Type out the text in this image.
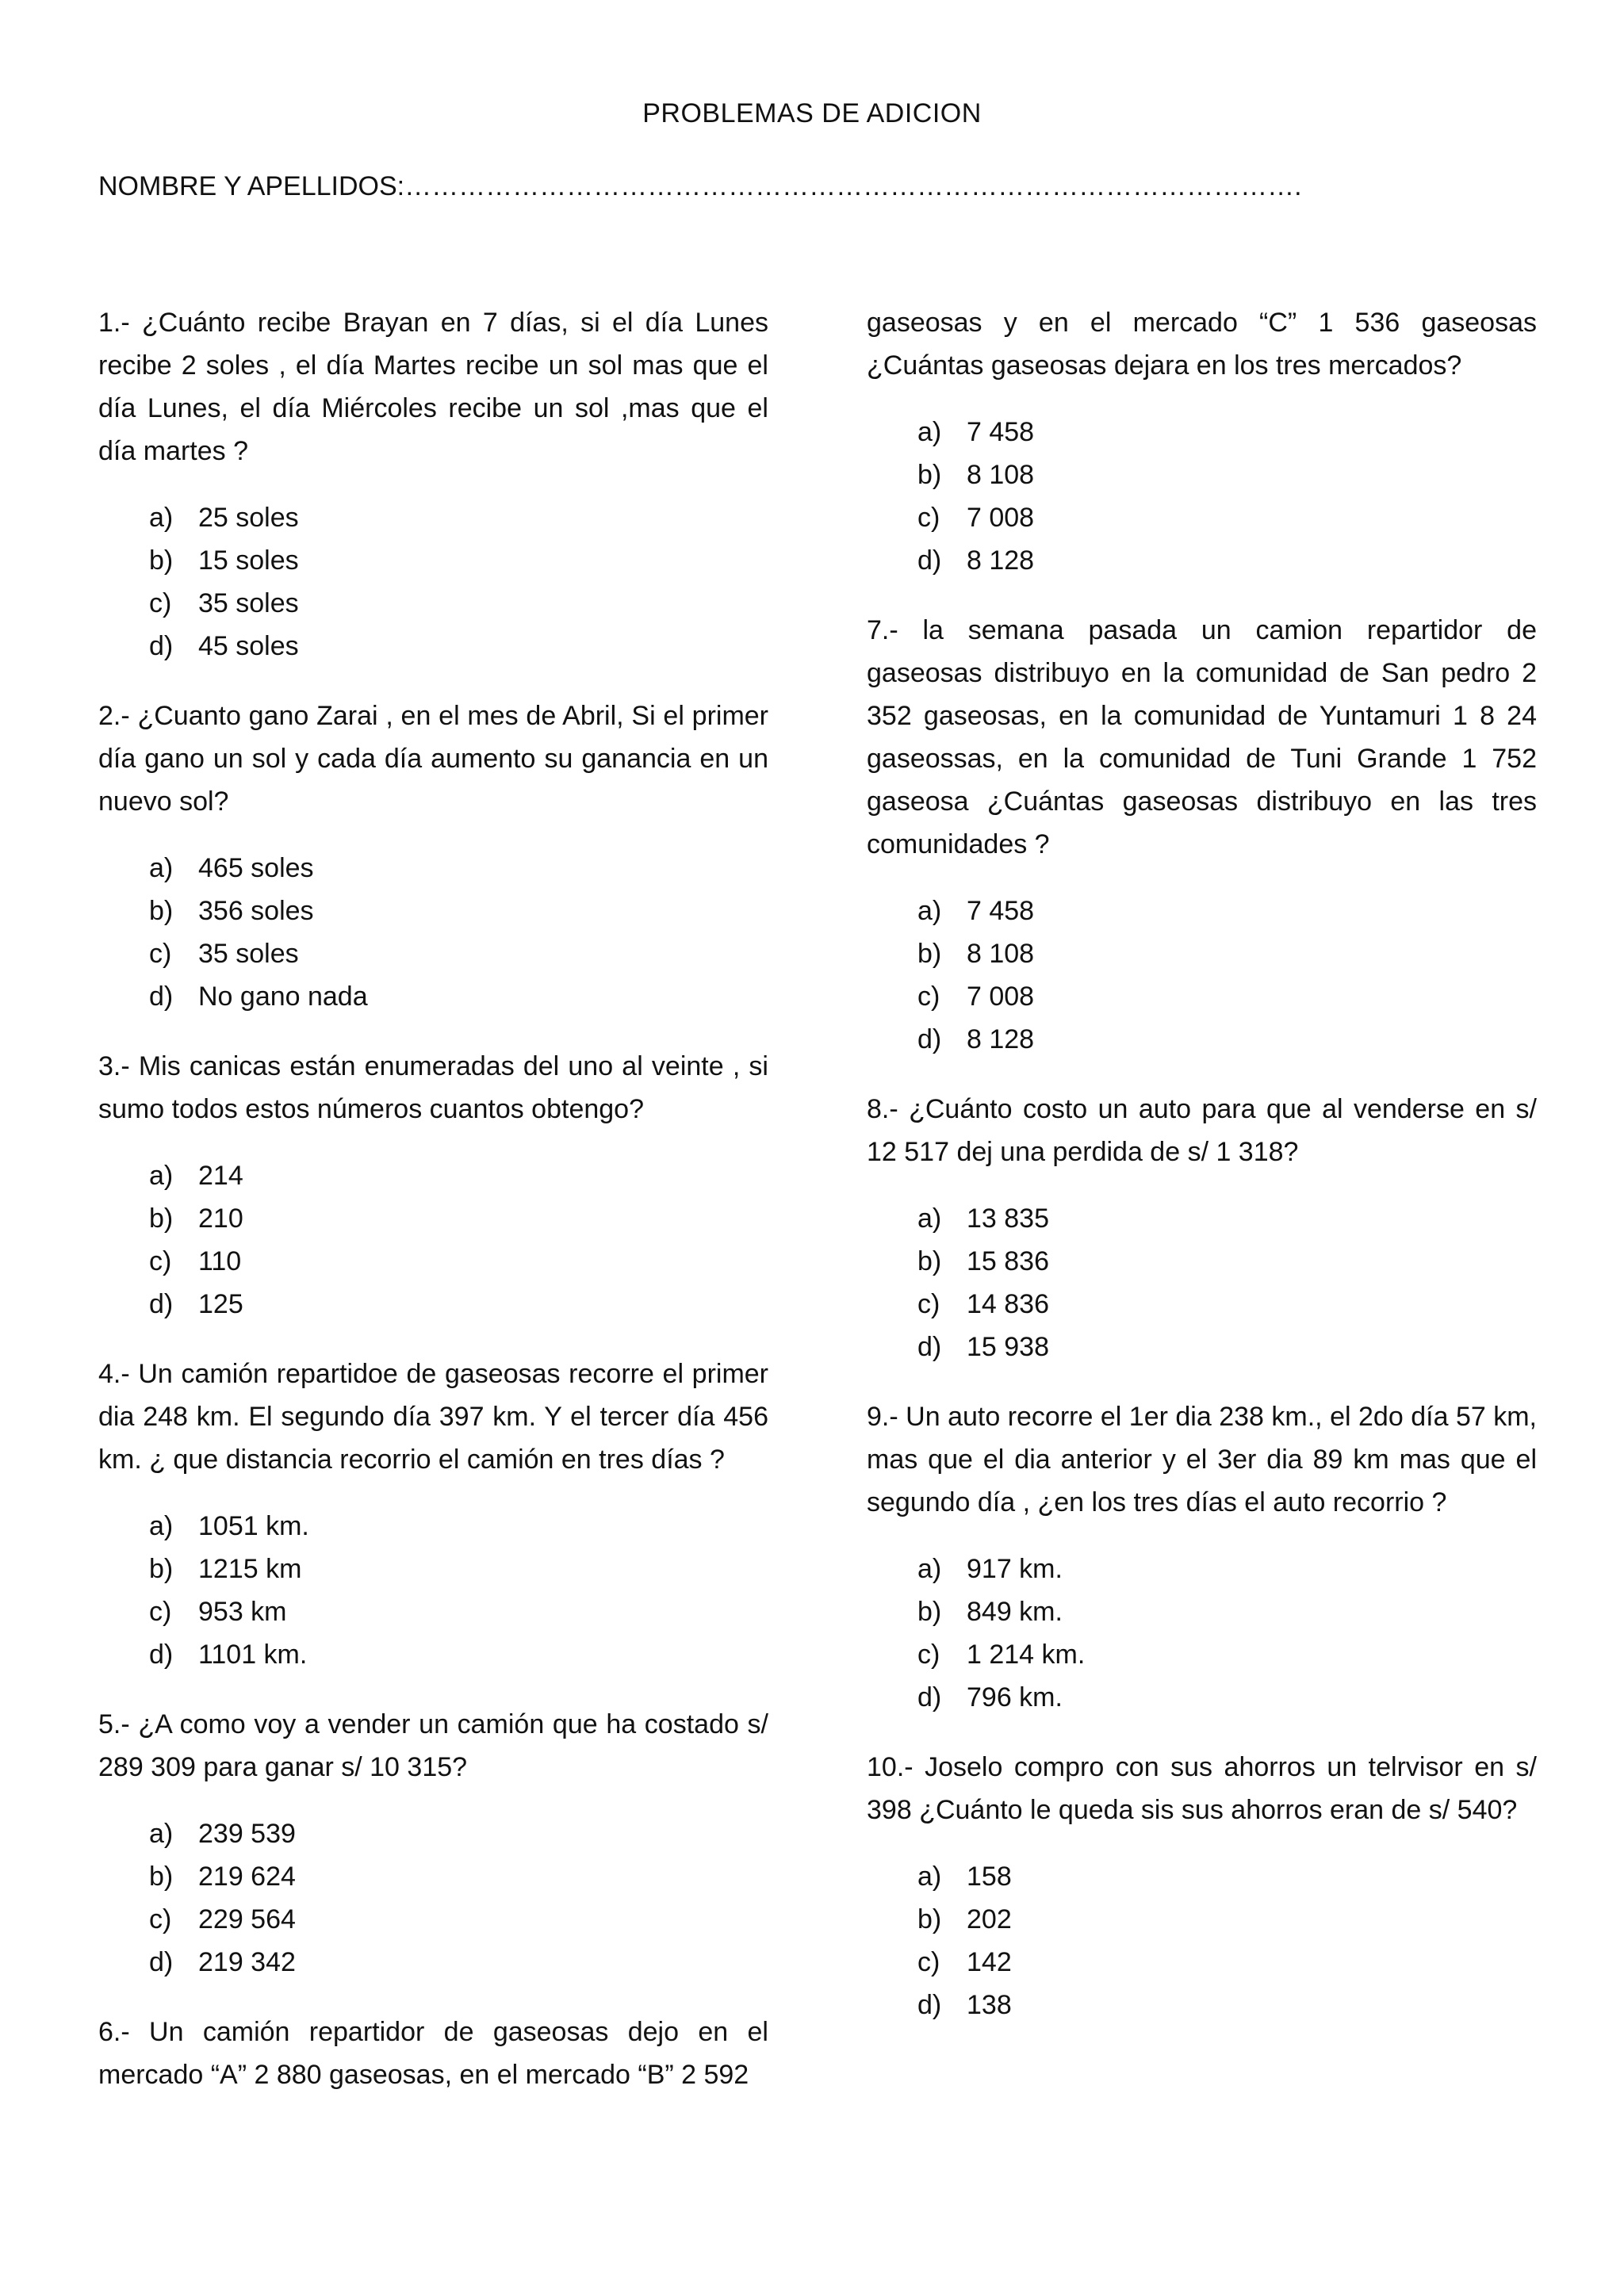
PROBLEMAS DE ADICION
NOMBRE Y APELLIDOS:……………………………………………………………………………………….

1.- ¿Cuánto recibe Brayan en 7 días, si el día Lunes recibe 2 soles , el día Martes recibe un sol mas que el día Lunes, el día Miércoles recibe un sol ,mas que el día martes ?

a) 25 soles
b) 15 soles
c) 35 soles
d) 45 soles

2.- ¿Cuanto gano Zarai , en el mes de Abril, Si el primer día gano un sol y cada día aumento su ganancia en un nuevo sol?

a) 465 soles
b) 356 soles
c) 35 soles
d) No gano nada

3.- Mis canicas están enumeradas del uno al veinte , si sumo todos estos números cuantos obtengo?

a) 214
b) 210
c) 110
d) 125

4.- Un camión repartidoe de gaseosas recorre el primer dia 248 km. El segundo día 397 km. Y el tercer día 456 km. ¿ que distancia recorrio el camión en tres días ?

a) 1051 km.
b) 1215 km
c) 953 km
d) 1101 km.

5.- ¿A como voy a vender un camión que ha costado s/ 289 309 para ganar s/ 10 315?

a) 239 539
b) 219 624
c) 229 564
d) 219 342

6.- Un camión repartidor de gaseosas dejo en el mercado “A” 2 880 gaseosas, en el mercado “B” 2 592

gaseosas y en el mercado “C” 1 536 gaseosas ¿Cuántas gaseosas dejara en los tres mercados?

a) 7 458
b) 8 108
c) 7 008
d) 8 128

7.- la semana pasada un camion repartidor de gaseosas distribuyo en la comunidad de San pedro 2 352 gaseosas, en la comunidad de Yuntamuri 1 8 24 gaseossas, en la comunidad de Tuni Grande 1 752 gaseosa ¿Cuántas gaseosas distribuyo en las tres comunidades ?

a) 7 458
b) 8 108
c) 7 008
d) 8 128

8.- ¿Cuánto costo un auto para que al venderse en s/ 12 517 dej una perdida de s/ 1 318?

a) 13 835
b) 15 836
c) 14 836
d) 15 938

9.- Un auto recorre el 1er dia 238 km., el 2do día 57 km, mas que el dia anterior y el 3er dia 89 km mas que el segundo día , ¿en los tres días el auto recorrio ?

a) 917 km.
b) 849 km.
c) 1 214 km.
d) 796 km.

10.- Joselo compro con sus ahorros un telrvisor en s/ 398 ¿Cuánto le queda sis sus ahorros eran de s/ 540?

a) 158
b) 202
c) 142
d) 138
